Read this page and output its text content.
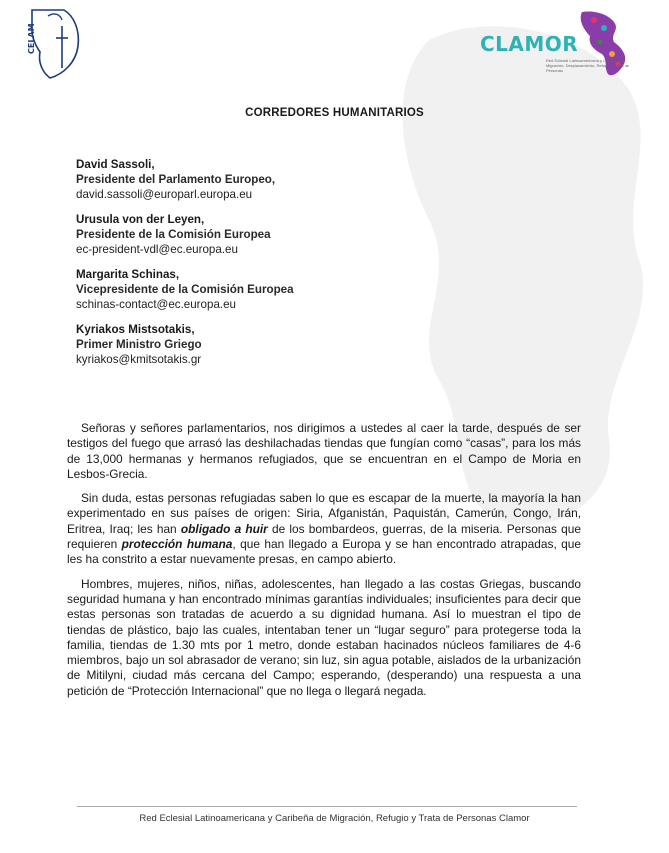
CELAM	CLAMOR
Red Eclesial Latinoamericana y Caribeña de Migración, Desplazamiento, Refugio y Trata de Personas
CORREDORES HUMANITARIOS
David Sassoli,
Presidente del Parlamento Europeo,
david.sassoli@europarl.europa.eu
Urusula von der Leyen,
Presidente de la Comisión Europea
ec-president-vdl@ec.europa.eu
Margarita Schinas,
Vicepresidente de la Comisión Europea
schinas-contact@ec.europa.eu
Kyriakos Mistsotakis,
Primer Ministro Griego
kyriakos@kmitsotakis.gr

Señoras y señores parlamentarios, nos dirigimos a ustedes al caer la tarde, después de ser testigos del fuego que arrasó las deshilachadas tiendas que fungían como “casas”, para los más de 13,000 hermanas y hermanos refugiados, que se encuentran en el Campo de Moria en Lesbos-Grecia.

Sin duda, estas personas refugiadas saben lo que es escapar de la muerte, la mayoría la han experimentado en sus países de origen: Siria, Afganistán, Paquistán, Camerún, Congo, Irán, Eritrea, Iraq; les han obligado a huir de los bombardeos, guerras, de la miseria. Personas que requieren protección humana, que han llegado a Europa y se han encontrado atrapadas, que les ha constrito a estar nuevamente presas, en campo abierto.

Hombres, mujeres, niños, niñas, adolescentes, han llegado a las costas Griegas, buscando seguridad humana y han encontrado mínimas garantías individuales; insuficientes para decir que estas personas son tratadas de acuerdo a su dignidad humana. Así lo muestran el tipo de tiendas de plástico, bajo las cuales, intentaban tener un “lugar seguro” para protegerse toda la familia, tiendas de 1.30 mts por 1 metro, donde estaban hacinados núcleos familiares de 4-6 miembros, bajo un sol abrasador de verano; sin luz, sin agua potable, aislados de la urbanización de Mitilyni, ciudad más cercana del Campo; esperando, (desperando) una respuesta a una petición de “Protección Internacional” que no llega o llegará negada.

Red Eclesial Latinoamericana y Caribeña de Migración, Refugio y Trata de Personas Clamor
